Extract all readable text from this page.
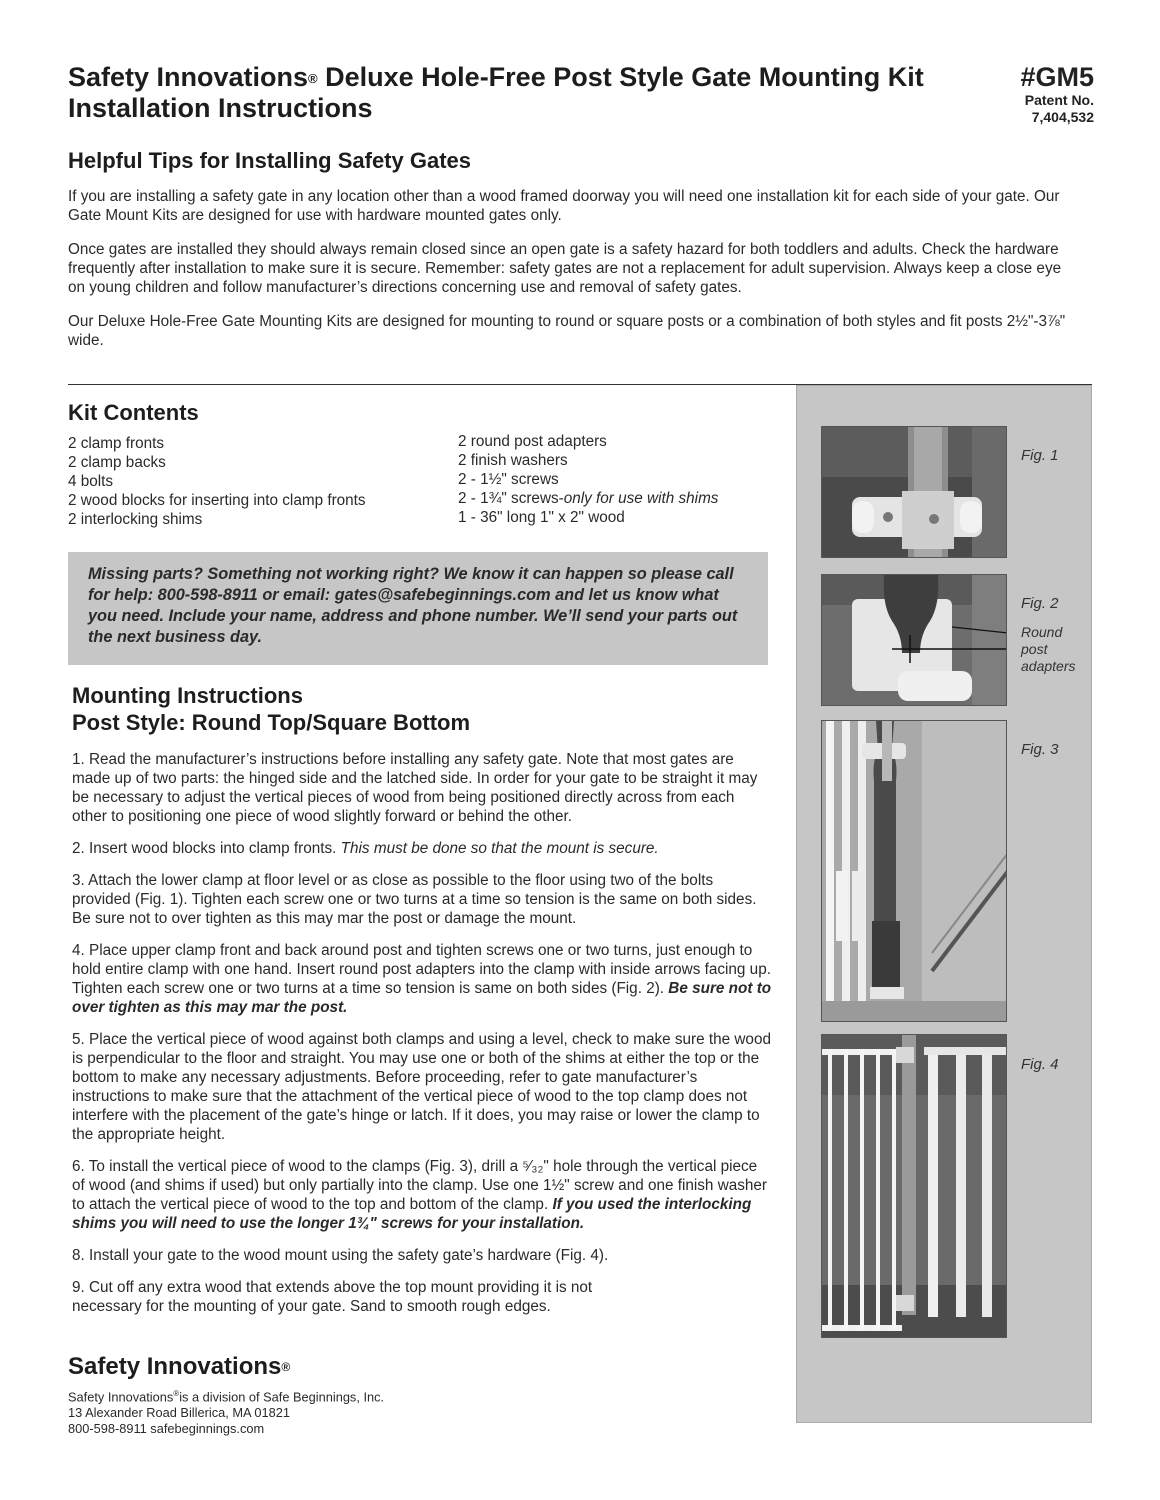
Safety Innovations® Deluxe Hole-Free Post Style Gate Mounting Kit
Installation Instructions
#GM5
Patent No.
7,404,532
Helpful Tips for Installing Safety Gates

If you are installing a safety gate in any location other than a wood framed doorway you will need one installation kit for each side of your gate. Our Gate Mount Kits are designed for use with hardware mounted gates only.

Once gates are installed they should always remain closed since an open gate is a safety hazard for both toddlers and adults. Check the hardware frequently after installation to make sure it is secure. Remember: safety gates are not a replacement for adult supervision. Always keep a close eye on young children and follow manufacturer’s directions concerning use and removal of safety gates.

Our Deluxe Hole-Free Gate Mounting Kits are designed for mounting to round or square posts or a combination of both styles and fit posts 2½"-3⅞" wide.

Fig. 1
Fig. 2
Round post adapters
Fig. 3
Fig. 4
Kit Contents

2 clamp fronts

2 clamp backs

4 bolts

2 wood blocks for inserting into clamp fronts

2 interlocking shims

2 round post adapters

2 finish washers

2 - 1½" screws

2 - 1¾" screws-only for use with shims

1 - 36" long 1" x 2" wood

Missing parts? Something not working right? We know it can happen so please call for help: 800-598-8911 or email: gates@safebeginnings.com and let us know what you need. Include your name, address and phone number. We’ll send your parts out the next business day.

Mounting Instructions
Post Style: Round Top/Square Bottom

1. Read the manufacturer’s instructions before installing any safety gate. Note that most gates are made up of two parts: the hinged side and the latched side. In order for your gate to be straight it may be necessary to adjust the vertical pieces of wood from being positioned directly across from each other to positioning one piece of wood slightly forward or behind the other.

2. Insert wood blocks into clamp fronts. This must be done so that the mount is secure.

3. Attach the lower clamp at floor level or as close as possible to the floor using two of the bolts provided (Fig. 1). Tighten each screw one or two turns at a time so tension is the same on both sides. Be sure not to over tighten as this may mar the post or damage the mount.

4. Place upper clamp front and back around post and tighten screws one or two turns, just enough to hold entire clamp with one hand. Insert round post adapters into the clamp with inside arrows facing up. Tighten each screw one or two turns at a time so tension is same on both sides (Fig. 2). Be sure not to over tighten as this may mar the post.

5. Place the vertical piece of wood against both clamps and using a level, check to make sure the wood is perpendicular to the floor and straight. You may use one or both of the shims at either the top or the bottom to make any necessary adjustments. Before proceeding, refer to gate manufacturer’s instructions to make sure that the attachment of the vertical piece of wood to the top clamp does not interfere with the placement of the gate’s hinge or latch. If it does, you may raise or lower the clamp to the appropriate height.

6. To install the vertical piece of wood to the clamps (Fig. 3), drill a ⁵⁄₃₂" hole through the vertical piece of wood (and shims if used) but only partially into the clamp. Use one 1½" screw and one finish washer to attach the vertical piece of wood to the top and bottom of the clamp. If you used the interlocking shims you will need to use the longer 1¾" screws for your installation.

8. Install your gate to the wood mount using the safety gate’s hardware (Fig. 4).

9. Cut off any extra wood that extends above the top mount providing it is not necessary for the mounting of your gate. Sand to smooth rough edges.

Safety Innovations®

Safety Innovations®is a division of Safe Beginnings, Inc.

13 Alexander Road Billerica, MA 01821

800-598-8911 safebeginnings.com
